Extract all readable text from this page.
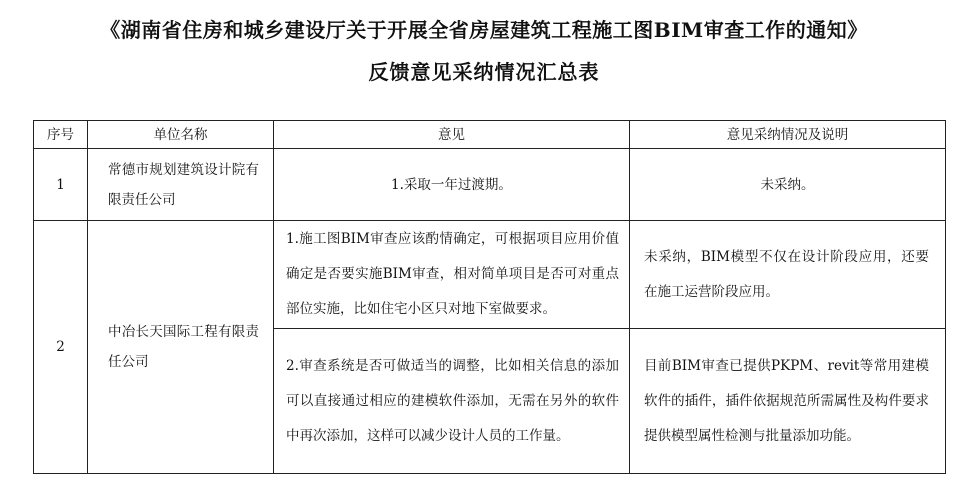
《湖南省住房和城乡建设厅关于开展全省房屋建筑工程施工图BIM审查工作的通知》
反馈意见采纳情况汇总表
序号	单位名称	意见	意见采纳情况及说明
1	常德市规划建筑设计院有限责任公司	1.采取一年过渡期。	未采纳。
2	中冶长天国际工程有限责任公司	1.施工图BIM审查应该酌情确定，可根据项目应用价值确定是否要实施BIM审查，相对简单项目是否可对重点部位实施，比如住宅小区只对地下室做要求。	未采纳，BIM模型不仅在设计阶段应用，还要在施工运营阶段应用。
		2.审查系统是否可做适当的调整，比如相关信息的添加可以直接通过相应的建模软件添加，无需在另外的软件中再次添加，这样可以减少设计人员的工作量。	目前BIM审查已提供PKPM、revit等常用建模软件的插件，插件依据规范所需属性及构件要求提供模型属性检测与批量添加功能。
